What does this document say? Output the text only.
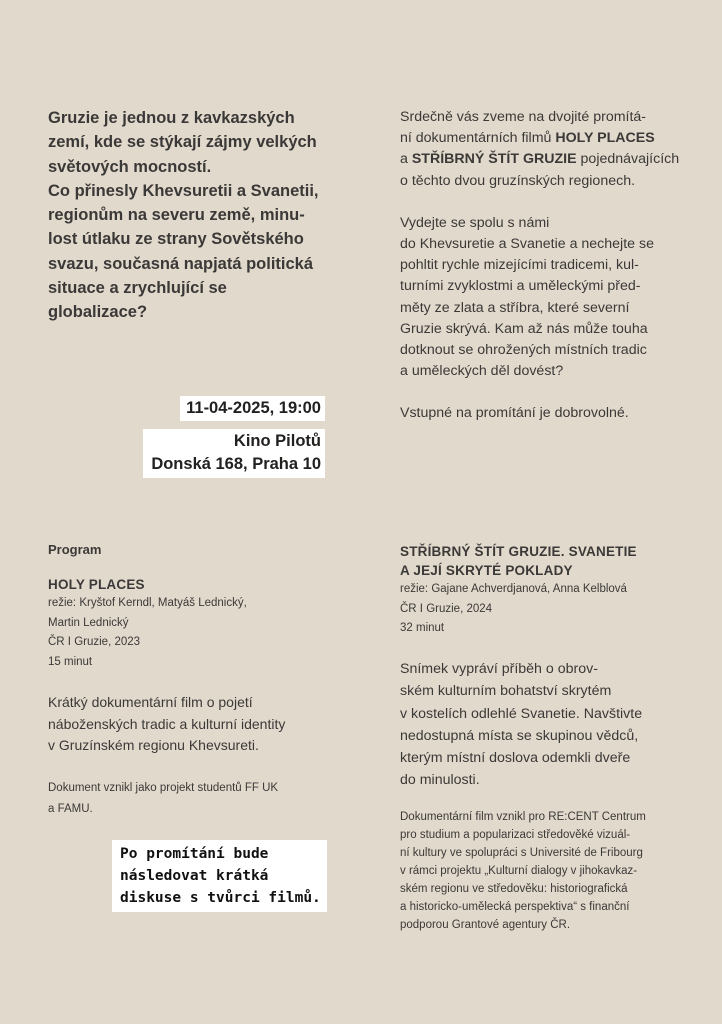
Gruzie je jednou z kavkazských

zemí, kde se stýkají zájmy velkých

světových mocností.

Co přinesly Khevsuretii a Svanetii,

regionům na severu země, minu-

lost útlaku ze strany Sovětského

svazu, současná napjatá politická

situace a zrychlující se

globalizace?

Srdečně vás zveme na dvojité promítá-
ní dokumentárních filmů HOLY PLACES
a STŘÍBRNÝ ŠTÍT GRUZIE pojednávajících
o těchto dvou gruzínských regionech.

Vydejte se spolu s námi
do Khevsuretie a Svanetie a nechejte se
pohltit rychle mizejícími tradicemi, kul-
turními zvyklostmi a uměleckými před-
měty ze zlata a stříbra, které severní
Gruzie skrývá. Kam až nás může touha
dotknout se ohrožených místních tradic
a uměleckých děl dovést?

Vstupné na promítání je dobrovolné.

11-04-2025, 19:00
Kino Pilotů
Donská 168, Praha 10
Program
HOLY PLACES
režie: Kryštof Kerndl, Matyáš Lednický,
Martin Lednický
ČR I Gruzie, 2023
15 minut
Krátký dokumentární film o pojetí
náboženských tradic a kulturní identity
v Gruzínském regionu Khevsureti.
Dokument vznikl jako projekt studentů FF UK
a FAMU.
STŘÍBRNÝ ŠTÍT GRUZIE. SVANETIE
A JEJÍ SKRYTÉ POKLADY
režie: Gajane Achverdjanová, Anna Kelblová
ČR I Gruzie, 2024
32 minut
Snímek vypráví příběh o obrov-
ském kulturním bohatství skrytém
v kostelích odlehlé Svanetie. Navštivte
nedostupná místa se skupinou vědců,
kterým místní doslova odemkli dveře
do minulosti.
Dokumentární film vznikl pro RE:CENT Centrum
pro studium a popularizaci středověké vizuál-
ní kultury ve spolupráci s Université de Fribourg
v rámci projektu „Kulturní dialogy v jihokavkaz-
ském regionu ve středověku: historiografická
a historicko-umělecká perspektiva“ s finanční
podporou Grantové agentury ČR.
Po promítání bude
následovat krátká
diskuse s tvůrci filmů.
